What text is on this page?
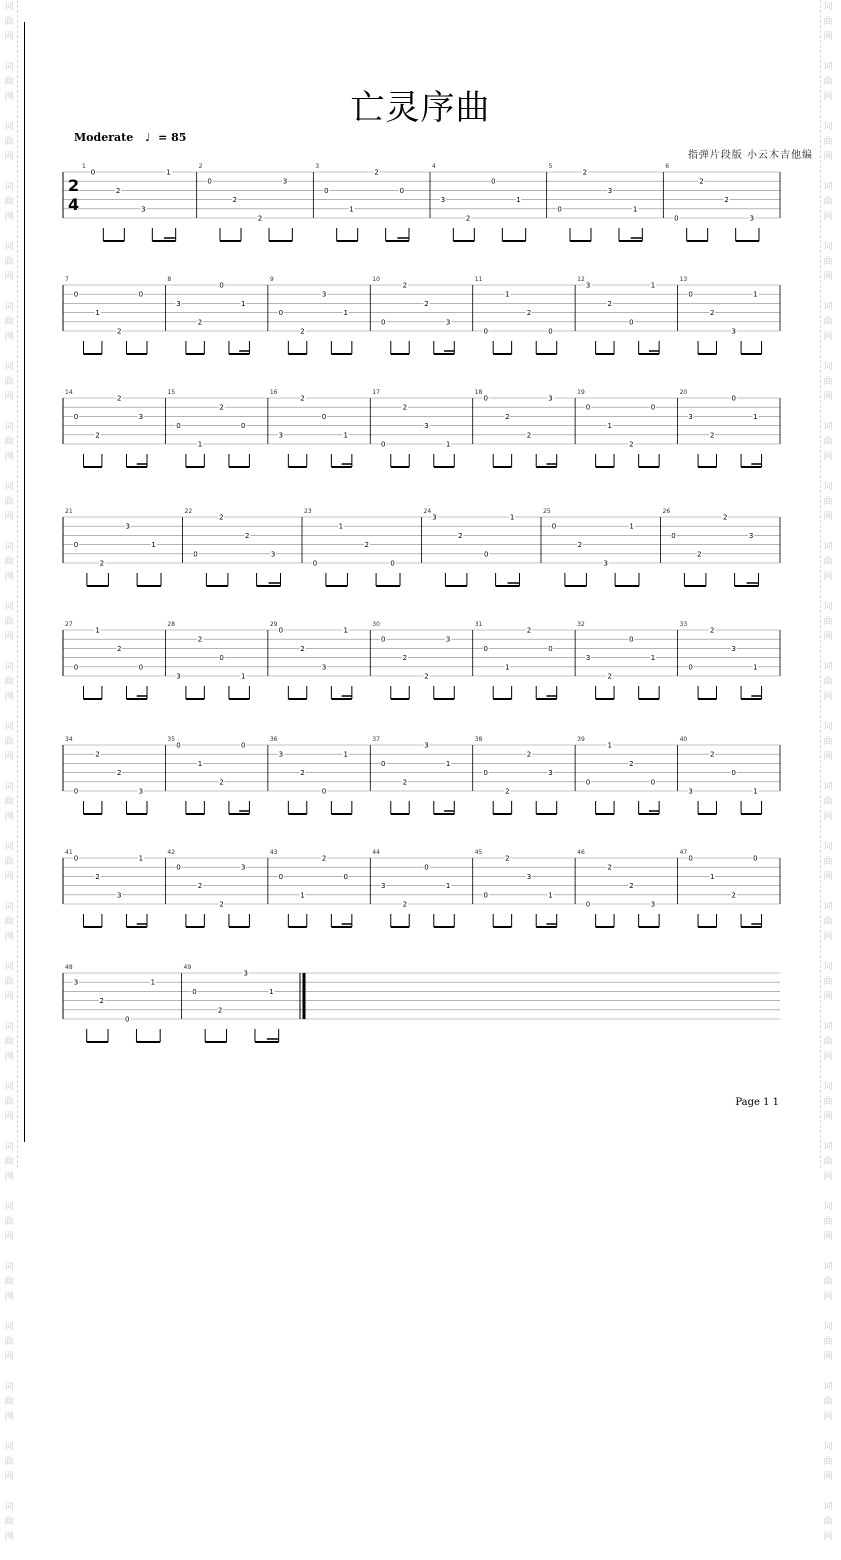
词
曲
网
词
曲
网
词
曲
网
词
曲
网
词
曲
网
词
曲
网
词
曲
网
词
曲
网
词
曲
网
词
曲
网
词
曲
网
词
曲
网
词
曲
网
词
曲
网
词
曲
网
词
曲
网
词
曲
网
词
曲
网
词
曲
网
词
曲
网
词
曲
网
词
曲
网
词
曲
网
词
曲
网
词
曲
网
词
曲
网
词
曲
网
词
曲
网
词
曲
网
词
曲
网
词
曲
网
词
曲
网
词
曲
网
词
曲
网
词
曲
网
词
曲
网
词
曲
网
词
曲
网
词
曲
网
词
曲
网
词
曲
网
词
曲
网
词
曲
网
词
曲
网
词
曲
网
词
曲
网
词
曲
网
词
曲
网
词
曲
网
词
曲
网
词
曲
网
词
曲
网
亡灵序曲
Moderate ♩ = 85
指弹片段版 小云木吉他编
1
0
2
3
1
2
0
2
2
3
3
0
1
2
0
4
3
2
0
1
5
0
2
3
1
6
0
2
2
3
7
0
1
2
0
8
3
2
0
1
9
0
2
3
1
10
0
2
2
3
11
0
1
2
0
12
3
2
0
1
13
0
2
3
1
14
0
2
2
3
15
0
1
2
0
16
3
2
0
1
17
0
2
3
1
18
0
2
2
3
19
0
1
2
0
20
3
2
0
1
21
0
2
3
1
22
0
2
2
3
23
0
1
2
0
24
3
2
0
1
25
0
2
3
1
26
0
2
2
3
27
0
1
2
0
28
3
2
0
1
29
0
2
3
1
30
0
2
2
3
31
0
1
2
0
32
3
2
0
1
33
0
2
3
1
34
0
2
2
3
35
0
1
2
0
36
3
2
0
1
37
0
2
3
1
38
0
2
2
3
39
0
1
2
0
40
3
2
0
1
41
0
2
3
1
42
0
2
2
3
43
0
1
2
0
44
3
2
0
1
45
0
2
3
1
46
0
2
2
3
47
0
1
2
0
48
3
2
0
1
49
0
2
3
1
2
4
Page 1 1
